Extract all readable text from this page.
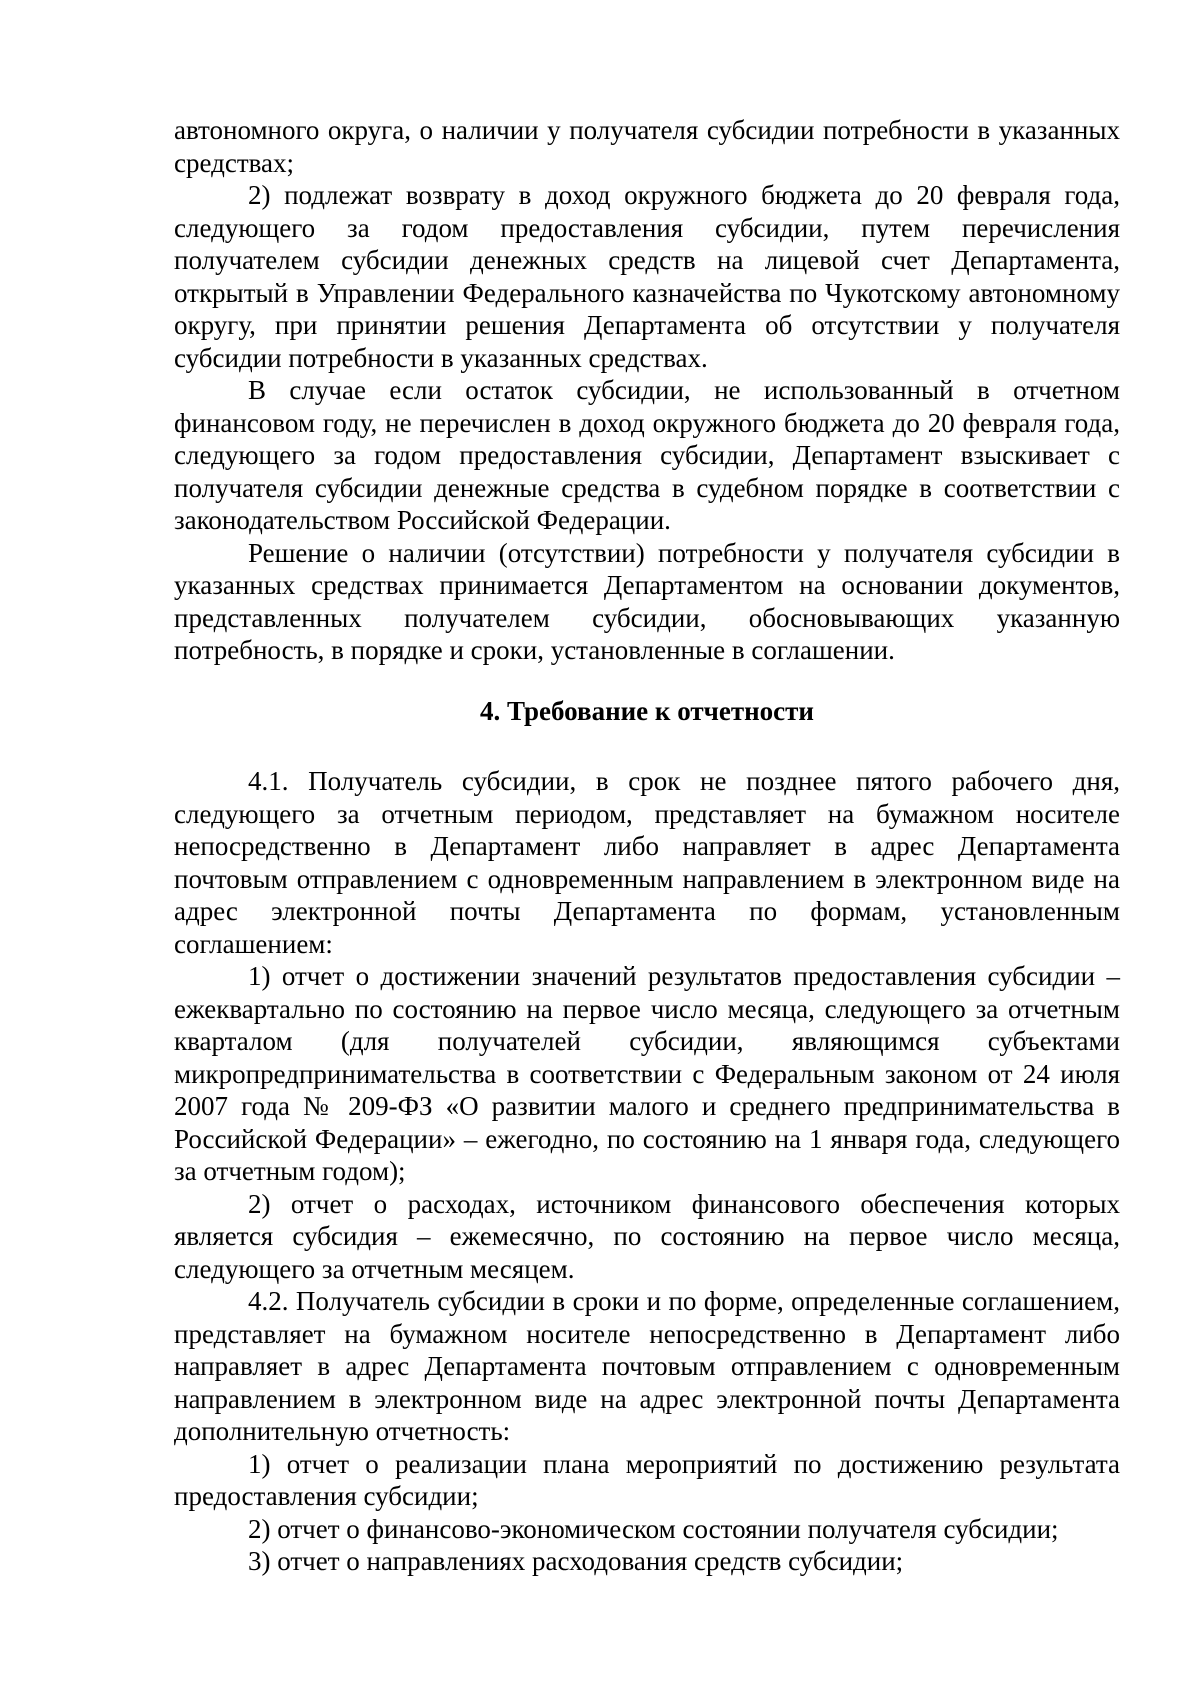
автономного округа, о наличии у получателя субсидии потребности в указанных средствах;

2) подлежат возврату в доход окружного бюджета до 20 февраля года, следующего за годом предоставления субсидии, путем перечисления получателем субсидии денежных средств на лицевой счет Департамента, открытый в Управлении Федерального казначейства по Чукотскому автономному округу, при принятии решения Департамента об отсутствии у получателя субсидии потребности в указанных средствах.

В случае если остаток субсидии, не использованный в отчетном финансовом году, не перечислен в доход окружного бюджета до 20 февраля года, следующего за годом предоставления субсидии, Департамент взыскивает с получателя субсидии денежные средства в судебном порядке в соответствии с законодательством Российской Федерации.

Решение о наличии (отсутствии) потребности у получателя субсидии в указанных средствах принимается Департаментом на основании документов, представленных получателем субсидии, обосновывающих указанную потребность, в порядке и сроки, установленные в соглашении.

4. Требование к отчетности

4.1. Получатель субсидии, в срок не позднее пятого рабочего дня, следующего за отчетным периодом, представляет на бумажном носителе непосредственно в Департамент либо направляет в адрес Департамента почтовым отправлением с одновременным направлением в электронном виде на адрес электронной почты Департамента по формам, установленным соглашением:

1) отчет о достижении значений результатов предоставления субсидии – ежеквартально по состоянию на первое число месяца, следующего за отчетным кварталом (для получателей субсидии, являющимся субъектами микропредпринимательства в соответствии с Федеральным законом от 24 июля 2007 года № 209-ФЗ «О развитии малого и среднего предпринимательства в Российской Федерации» – ежегодно, по состоянию на 1 января года, следующего за отчетным годом);

2) отчет о расходах, источником финансового обеспечения которых является субсидия – ежемесячно, по состоянию на первое число месяца, следующего за отчетным месяцем.

4.2. Получатель субсидии в сроки и по форме, определенные соглашением, представляет на бумажном носителе непосредственно в Департамент либо направляет в адрес Департамента почтовым отправлением с одновременным направлением в электронном виде на адрес электронной почты Департамента дополнительную отчетность:

1) отчет о реализации плана мероприятий по достижению результата предоставления субсидии;

2) отчет о финансово-экономическом состоянии получателя субсидии;

3) отчет о направлениях расходования средств субсидии;
